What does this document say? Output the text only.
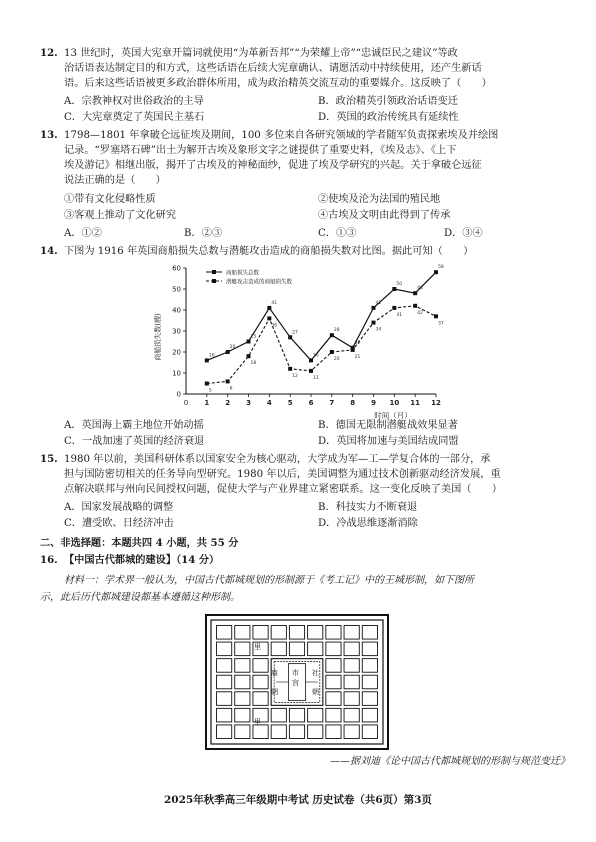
12. 13 世纪时，英国大宪章开篇词就使用“为革新吾邦”“为荣耀上帝”“忠诚臣民之建议”等政
治话语表达制定目的和方式，这些话语在后续大宪章确认、请愿活动中持续使用，还产生新话
语。后来这些话语被更多政治群体所用，成为政治精英交流互动的重要媒介。这反映了（　　）
A．宗教神权对世俗政治的主导	B．政治精英引领政治话语变迁
C．大宪章奠定了英国民主基石	D．英国的政治传统具有延续性
13. 1798—1801 年拿破仑远征埃及期间，100 多位来自各研究领域的学者随军负责探索埃及并绘图
记录。“罗塞塔石碑”出土为解开古埃及象形文字之谜提供了重要史料，《埃及志》、《上下
埃及游记》相继出版，揭开了古埃及的神秘面纱，促进了埃及学研究的兴起。关于拿破仑远征
说法正确的是（　　）
①带有文化侵略性质	②使埃及沦为法国的殖民地
③客观上推动了文化研究	④古埃及文明由此得到了传承
A．①②	B．②③	C．①③	D．③④
14. 下图为 1916 年英国商船损失总数与潜艇攻击造成的商船损失数对比图。据此可知（　　）
0
10
20
30
40
50
60
1 2 3 4 5 6 7 8 9 10 11 12
0
16
20
25
41
27
16
28
22
41
50
48
58
5	6
18
36
12	11
20	21
34
41	42
37
商船损失总数
潜艇攻击造成的商船损失数
商船损失数(艘)
时间（月）
A．英国海上霸主地位开始动摇	B．德国无限制潜艇战效果显著
C．一战加速了英国的经济衰退	D．英国将加速与美国结成同盟
15. 1980 年以前，美国科研体系以国家安全为核心驱动，大学成为军—工—学复合体的一部分，承
担与国防密切相关的任务导向型研究。1980 年以后，美国调整为通过技术创新驱动经济发展，重
点解决联邦与州向民间授权问题，促使大学与产业界建立紧密联系。这一变化反映了美国（　　）
A．国家发展战略的调整	B．科技实力不断衰退
C．遭受欧、日经济冲击	D．冷战思维逐渐消除
二、非选择题：本题共四 4 小题，共 55 分
16. 【中国古代都城的建设】（14 分）
材料一：学术界一般认为，中国古代都城规划的形制源于《考工记》中的王城形制，如下图所
示，此后历代都城建设都基本遵循这种形制。
里
里
庙
朝
宫
市 社
朝
——据刘迪《论中国古代都城规划的形制与规范变迁》
2025年秋季高三年级期中考试 历史试卷（共6页）第3页
